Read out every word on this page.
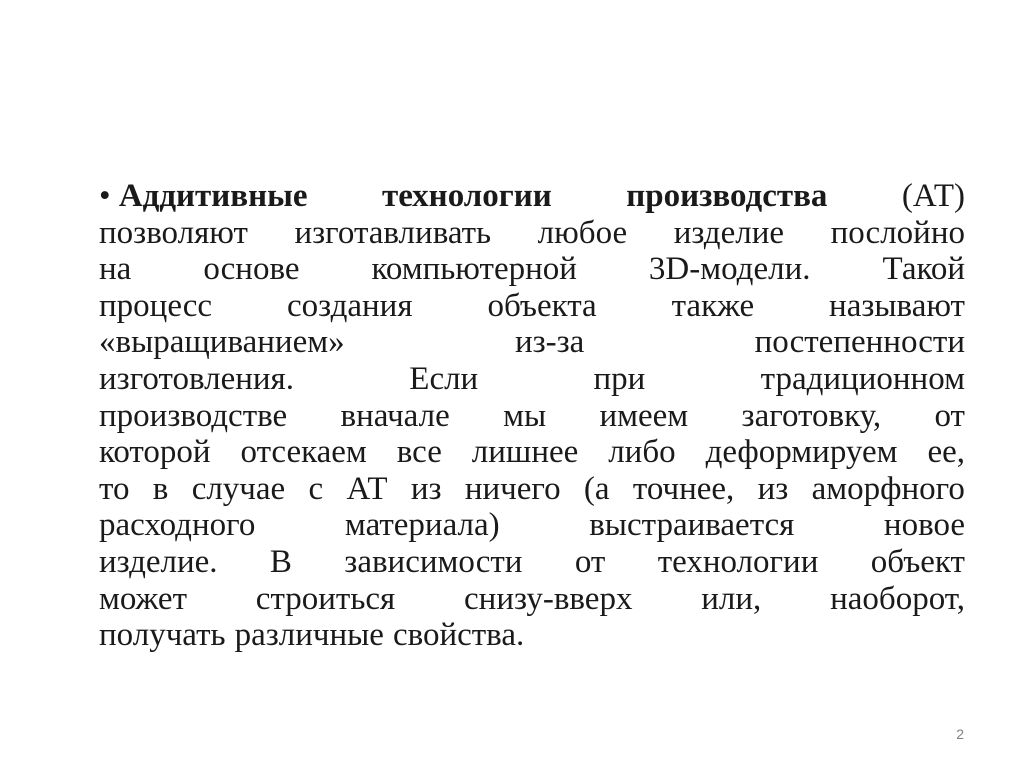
• Аддитивные технологии производства (АТ)
позволяют изготавливать любое изделие послойно
на основе компьютерной 3D-модели. Такой
процесс создания объекта также называют
«выращиванием»	из-за	постепенности
изготовления.	Если	при	традиционном
производстве вначале мы имеем заготовку, от
которой отсекаем все лишнее либо деформируем ее,
то в случае с АТ из ничего (а точнее, из аморфного
расходного	материала)	выстраивается	новое
изделие. В зависимости от технологии объект
может строиться снизу-вверх или, наоборот,
получать различные свойства.
2
